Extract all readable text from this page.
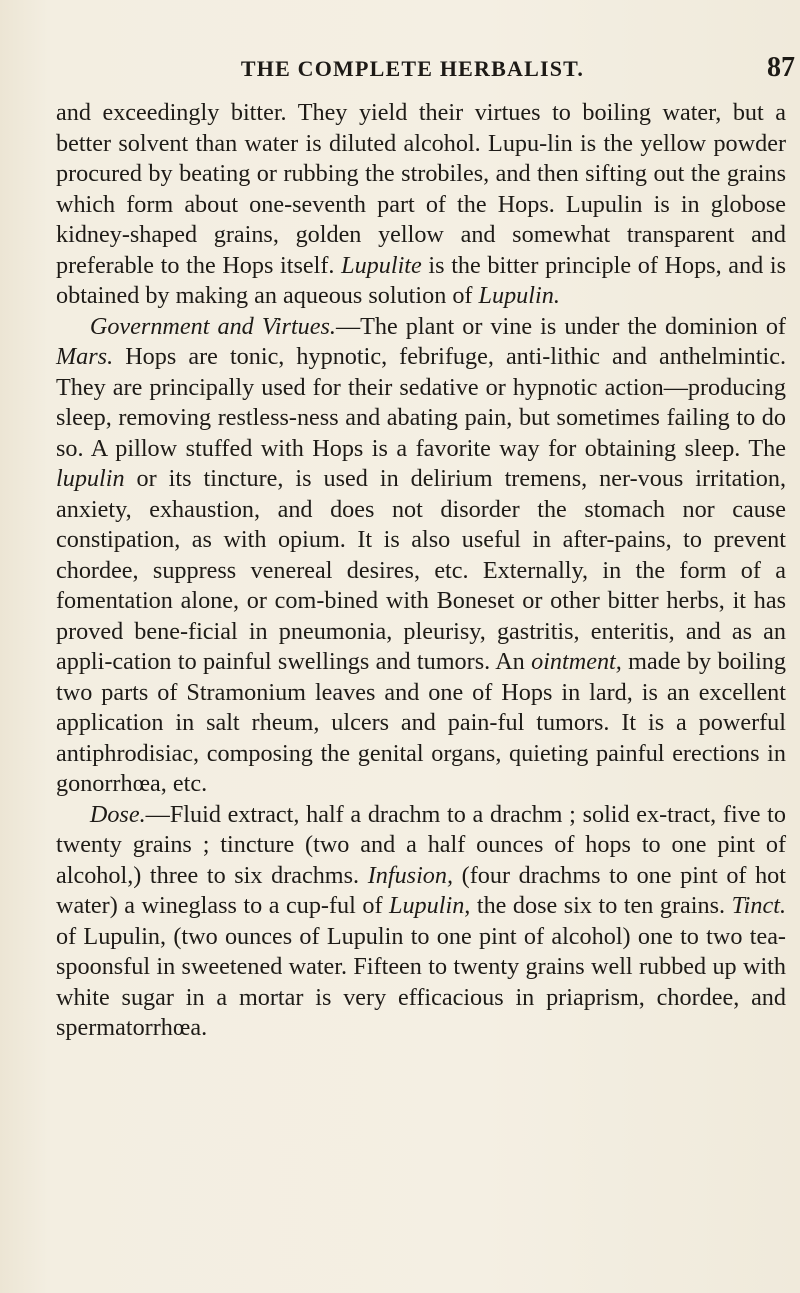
THE COMPLETE HERBALIST.	87

and exceedingly bitter. They yield their virtues to boiling water, but a better solvent than water is diluted alcohol. Lupu-lin is the yellow powder procured by beating or rubbing the strobiles, and then sifting out the grains which form about one-seventh part of the Hops. Lupulin is in globose kidney-shaped grains, golden yellow and somewhat transparent and preferable to the Hops itself. Lupulite is the bitter principle of Hops, and is obtained by making an aqueous solution of Lupulin.

Government and Virtues.—The plant or vine is under the dominion of Mars. Hops are tonic, hypnotic, febrifuge, anti-lithic and anthelmintic. They are principally used for their sedative or hypnotic action—producing sleep, removing restless-ness and abating pain, but sometimes failing to do so. A pillow stuffed with Hops is a favorite way for obtaining sleep. The lupulin or its tincture, is used in delirium tremens, ner-vous irritation, anxiety, exhaustion, and does not disorder the stomach nor cause constipation, as with opium. It is also useful in after-pains, to prevent chordee, suppress venereal desires, etc. Externally, in the form of a fomentation alone, or com-bined with Boneset or other bitter herbs, it has proved bene-ficial in pneumonia, pleurisy, gastritis, enteritis, and as an appli-cation to painful swellings and tumors. An ointment, made by boiling two parts of Stramonium leaves and one of Hops in lard, is an excellent application in salt rheum, ulcers and pain-ful tumors. It is a powerful antiphrodisiac, composing the genital organs, quieting painful erections in gonorrhœa, etc.

Dose.—Fluid extract, half a drachm to a drachm ; solid ex-tract, five to twenty grains ; tincture (two and a half ounces of hops to one pint of alcohol,) three to six drachms. Infusion, (four drachms to one pint of hot water) a wineglass to a cup-ful of Lupulin, the dose six to ten grains. Tinct. of Lupulin, (two ounces of Lupulin to one pint of alcohol) one to two tea-spoonsful in sweetened water. Fifteen to twenty grains well rubbed up with white sugar in a mortar is very efficacious in priaprism, chordee, and spermatorrhœa.
